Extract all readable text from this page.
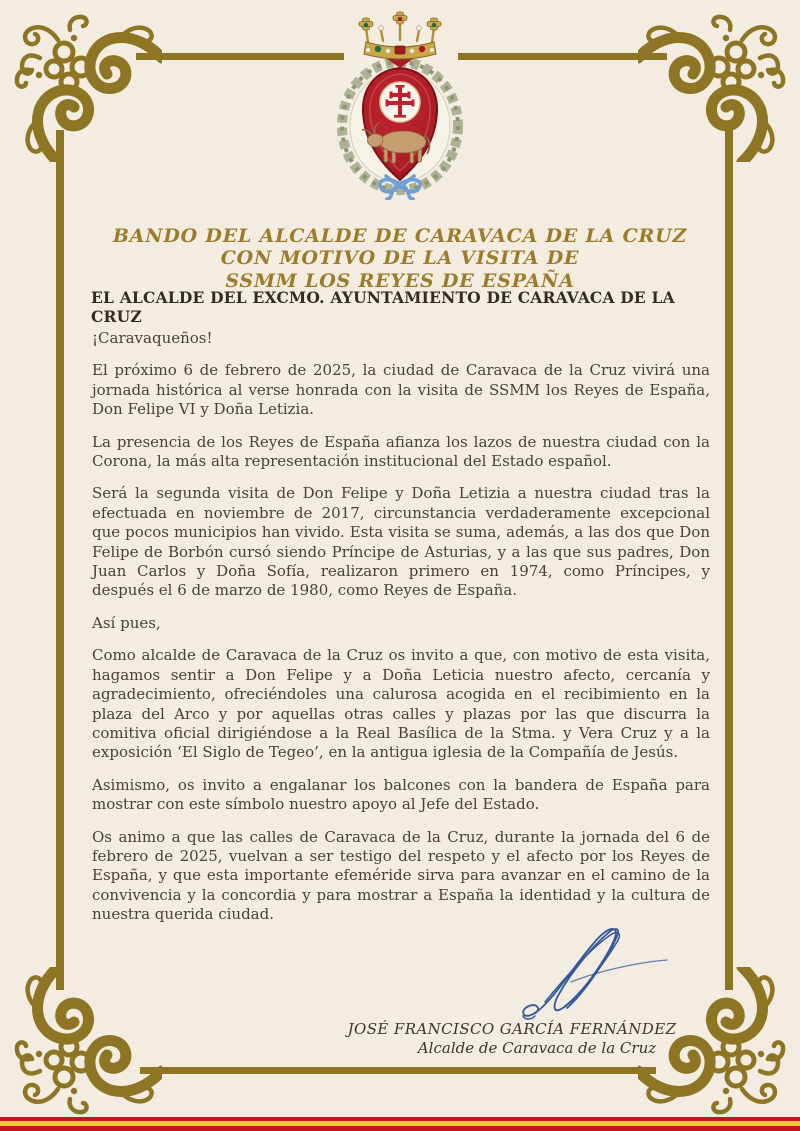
BANDO DEL ALCALDE DE CARAVACA DE LA CRUZ
CON MOTIVO DE LA VISITA DE
SSMM LOS REYES DE ESPAÑA
EL ALCALDE DEL EXCMO. AYUNTAMIENTO DE CARAVACA DE LA CRUZ

¡Caravaqueños!

El próximo 6 de febrero de 2025, la ciudad de Caravaca de la Cruz vivirá una jornada histórica al verse honrada con la visita de SSMM los Reyes de España, Don Felipe VI y Doña Letizia.

La presencia de los Reyes de España afianza los lazos de nuestra ciudad con la Corona, la más alta representación institucional del Estado español.

Será la segunda visita de Don Felipe y Doña Letizia a nuestra ciudad tras la efectuada en noviembre de 2017, circunstancia verdaderamente excepcional que pocos municipios han vivido. Esta visita se suma, además, a las dos que Don Felipe de Borbón cursó siendo Príncipe de Asturias, y a las que sus padres, Don Juan Carlos y Doña Sofía, realizaron primero en 1974, como Príncipes, y después el 6 de marzo de 1980, como Reyes de España.

Así pues,

Como alcalde de Caravaca de la Cruz os invito a que, con motivo de esta visita, hagamos sentir a Don Felipe y a Doña Leticia nuestro afecto, cercanía y agradecimiento, ofreciéndoles una calurosa acogida en el recibimiento en la plaza del Arco y por aquellas otras calles y plazas por las que discurra la comitiva oficial dirigiéndose a la Real Basílica de la Stma. y Vera Cruz y a la exposición ‘El Siglo de Tegeo’, en la antigua iglesia de la Compañía de Jesús.

Asimismo, os invito a engalanar los balcones con la bandera de España para mostrar con este símbolo nuestro apoyo al Jefe del Estado.

Os animo a que las calles de Caravaca de la Cruz, durante la jornada del 6 de febrero de 2025, vuelvan a ser testigo del respeto y el afecto por los Reyes de España, y que esta importante efeméride sirva para avanzar en el camino de la convivencia y la concordia y para mostrar a España la identidad y la cultura de nuestra querida ciudad.

JOSÉ FRANCISCO GARCÍA FERNÁNDEZ
Alcalde de Caravaca de la Cruz
